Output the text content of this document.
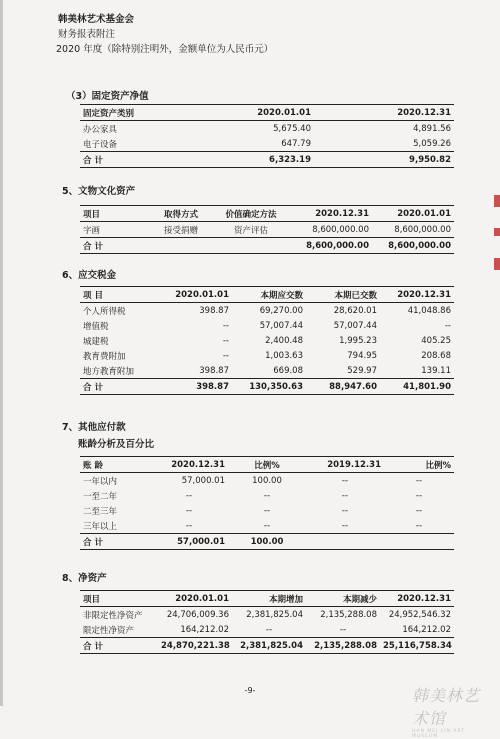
韩美林艺术基金会
财务报表附注
2020 年度（除特别注明外，金额单位为人民币元）
（3）固定资产净值
固定资产类别	2020.01.01	2020.12.31
办公家具	5,675.40	4,891.56
电子设备	647.79	5,059.26
合 计	6,323.19	9,950.82
5、文物文化资产
项目	取得方式	价值确定方法	2020.12.31	2020.01.01
字画	接受捐赠	资产评估	8,600,000.00	8,600,000.00
合 计			8,600,000.00	8,600,000.00
6、应交税金
项 目	2020.01.01	本期应交数	本期已交数	2020.12.31
个人所得税	398.87	69,270.00	28,620.01	41,048.86
增值税	--	57,007.44	57,007.44	--
城建税	--	2,400.48	1,995.23	405.25
教育费附加	--	1,003.63	794.95	208.68
地方教育附加	398.87	669.08	529.97	139.11
合 计	398.87	130,350.63	88,947.60	41,801.90
7、其他应付款
账龄分析及百分比
账 龄	2020.12.31	比例%	2019.12.31	比例%
一年以内	57,000.01	100.00	--	--
一至二年	--	--	--	--
二至三年	--	--	--	--
三年以上	--	--	--	--
合 计	57,000.01	100.00		
8、净资产
项目	2020.01.01	本期增加	本期减少	2020.12.31
非限定性净资产	24,706,009.36	2,381,825.04	2,135,288.08	24,952,546.32
限定性净资产	164,212.02	--	--	164,212.02
合 计	24,870,221.38	2,381,825.04	2,135,288.08	25,116,758.34
-9-	韩美林艺术馆
HAN MEI LIN ART MUSEUM
